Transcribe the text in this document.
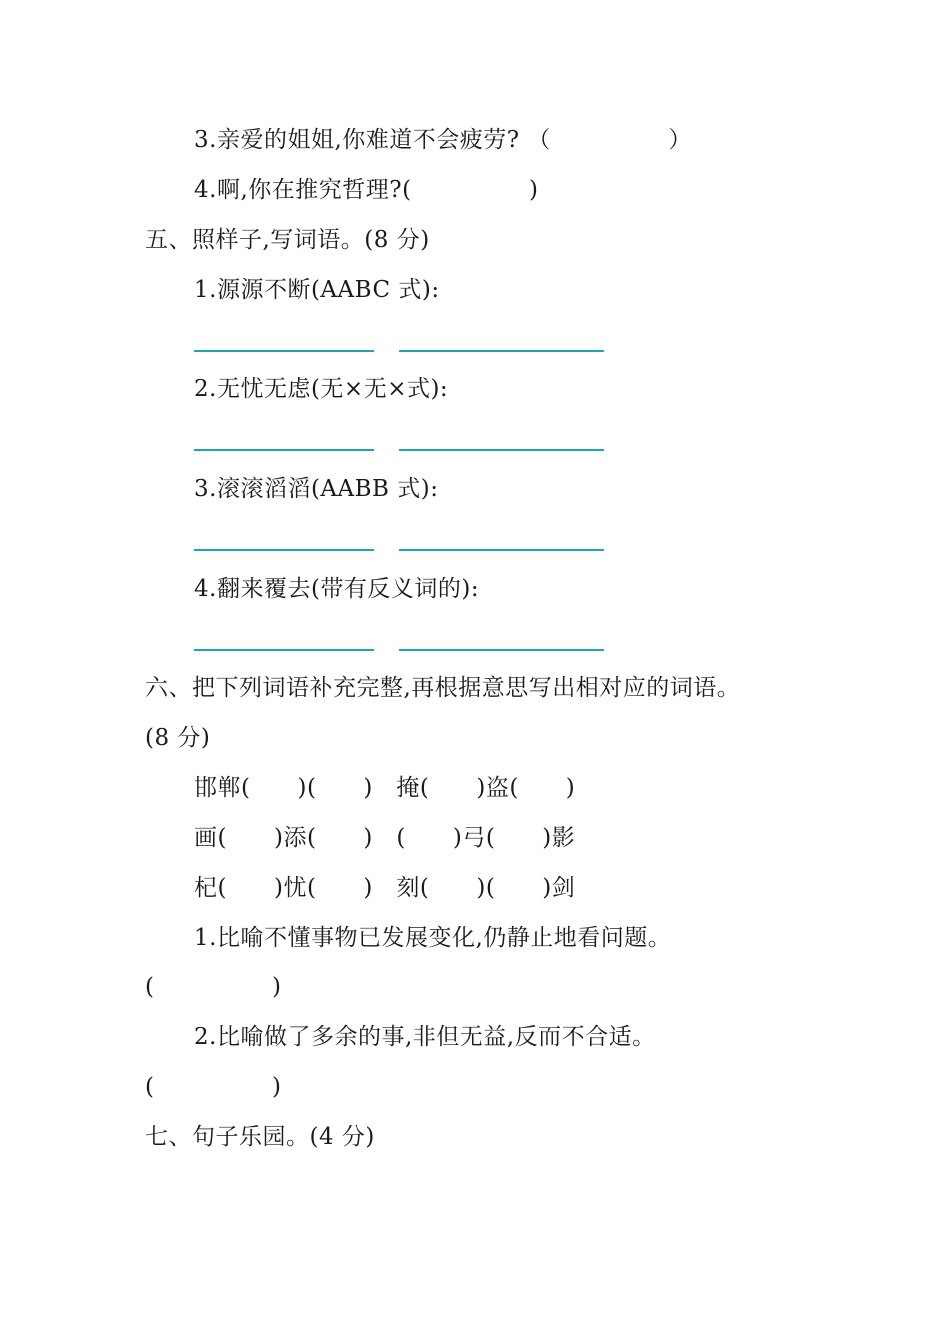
3.亲爱的姐姐,你难道不会疲劳? （　　　　　）
4.啊,你在推究哲理?(　　　　　)
五、照样子,写词语。(8 分)
1.源源不断(AABC 式):
2.无忧无虑(无×无×式):
3.滚滚滔滔(AABB 式):
4.翻来覆去(带有反义词的):
六、把下列词语补充完整,再根据意思写出相对应的词语。
(8 分)
邯郸(　　)(　　)　掩(　　)盗(　　)
画(　　)添(　　)　(　　)弓(　　)影
杞(　　)忧(　　)　刻(　　)(　　)剑
1.比喻不懂事物已发展变化,仍静止地看问题。
(　　　　　)
2.比喻做了多余的事,非但无益,反而不合适。
(　　　　　)
七、句子乐园。(4 分)
